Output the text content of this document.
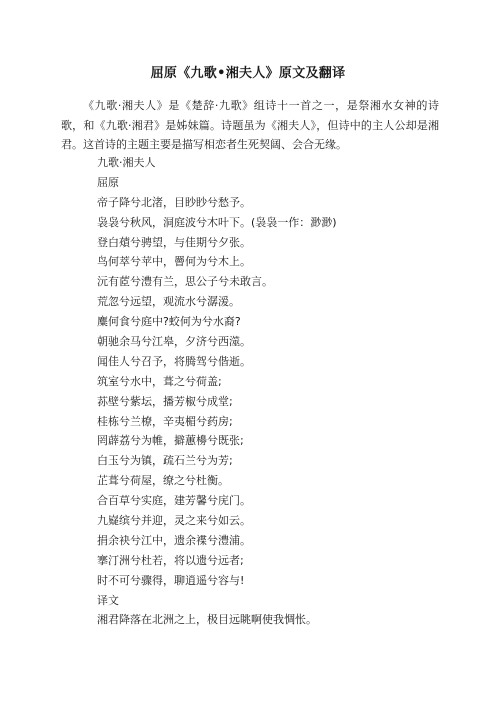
屈原《九歌•湘夫人》原文及翻译

《九歌·湘夫人》是《楚辞·九歌》组诗十一首之一，是祭湘水女神的诗歌，和《九歌·湘君》是姊妹篇。诗题虽为《湘夫人》，但诗中的主人公却是湘君。这首诗的主题主要是描写相恋者生死契阔、会合无缘。

九歌·湘夫人
屈原
帝子降兮北渚，目眇眇兮愁予。
袅袅兮秋风，洞庭波兮木叶下。(袅袅一作：渺渺)
登白薠兮骋望，与佳期兮夕张。
鸟何萃兮苹中，罾何为兮木上。
沅有茝兮澧有兰，思公子兮未敢言。
荒忽兮远望，观流水兮潺湲。
麋何食兮庭中?蛟何为兮水裔?
朝驰余马兮江皋，夕济兮西澨。
闻佳人兮召予，将腾驾兮偕逝。
筑室兮水中，葺之兮荷盖;
荪壁兮紫坛，播芳椒兮成堂;
桂栋兮兰橑，辛夷楣兮药房;
罔薜荔兮为帷，擗蕙櫋兮既张;
白玉兮为镇，疏石兰兮为芳;
芷葺兮荷屋，缭之兮杜衡。
合百草兮实庭，建芳馨兮庑门。
九嶷缤兮并迎，灵之来兮如云。
捐余袂兮江中，遗余褋兮澧浦。
搴汀洲兮杜若，将以遗兮远者;
时不可兮骤得，聊逍遥兮容与!
译文
湘君降落在北洲之上，极目远眺啊使我惆怅。
